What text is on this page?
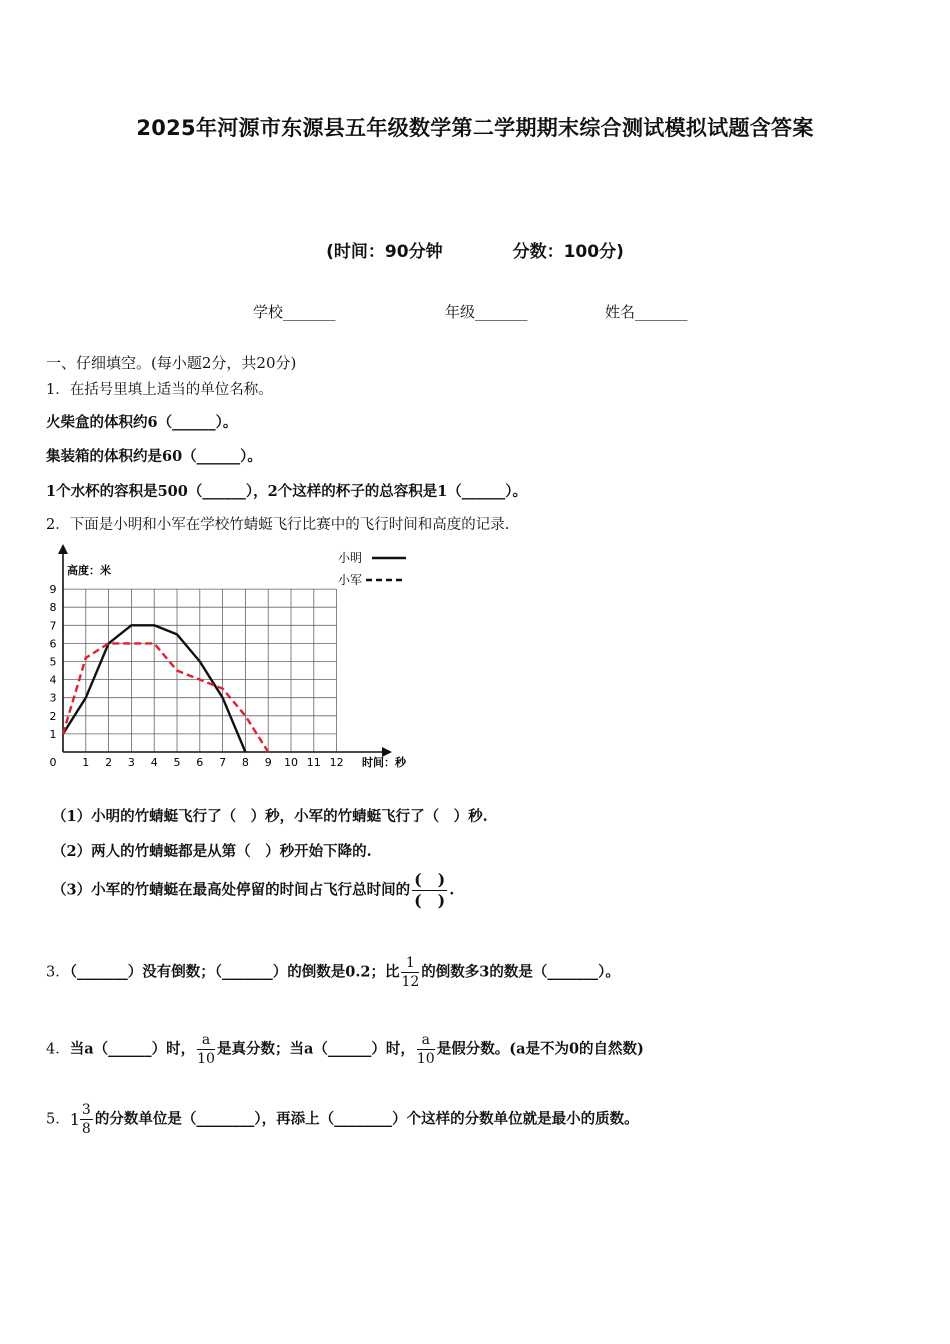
2025年河源市东源县五年级数学第二学期期末综合测试模拟试题含答案
(时间：90分钟	分数：100分)
学校_______	年级_______	姓名_______
一、仔细填空。(每小题2分，共20分)
1．在括号里填上适当的单位名称。
火柴盒的体积约6（______）。
集装箱的体积约是60（______）。
1个水杯的容积是500（______），2个这样的杯子的总容积是1（______）。
2．下面是小明和小军在学校竹蜻蜓飞行比赛中的飞行时间和高度的记录.
0 1 2 3 4 5 6 7 8 9 10 11 12
1
2
3
4
5
6
7
8
9
高度：米
时间：秒
小明
小军
（1）小明的竹蜻蜓飞行了（　）秒，小军的竹蜻蜓飞行了（　）秒.
（2）两人的竹蜻蜓都是从第（　）秒开始下降的.
（3）小军的竹蜻蜓在最高处停留的时间占飞行总时间的 $\frac{( )}{( )}$ .
3．（_______）没有倒数；（_______）的倒数是0.2；比 $\frac{1}{12}$ 的倒数多3的数是（_______）。
4．当a（______）时， $\frac{a}{10}$ 是真分数；当a（______）时， $\frac{a}{10}$ 是假分数。(a是不为0的自然数)
5．$1 \frac{3}{8}$ 的分数单位是（________），再添上（________）个这样的分数单位就是最小的质数。
